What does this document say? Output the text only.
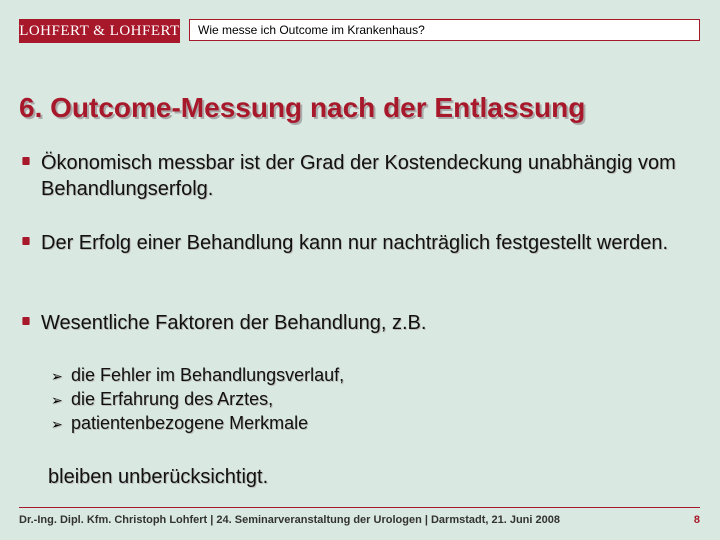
LOHFERT & LOHFERT	Wie messe ich Outcome im Krankenhaus?
6. Outcome-Messung nach der Entlassung
Ökonomisch messbar ist der Grad der Kostendeckung unabhängig vom Behandlungserfolg.
Der Erfolg einer Behandlung kann nur nachträglich festgestellt werden.
Wesentliche Faktoren der Behandlung, z.B.
➢ die Fehler im Behandlungsverlauf,
➢ die Erfahrung des Arztes,
➢ patientenbezogene Merkmale
bleiben unberücksichtigt.
Dr.-Ing. Dipl. Kfm. Christoph Lohfert | 24. Seminarveranstaltung der Urologen | Darmstadt, 21. Juni 2008	8
